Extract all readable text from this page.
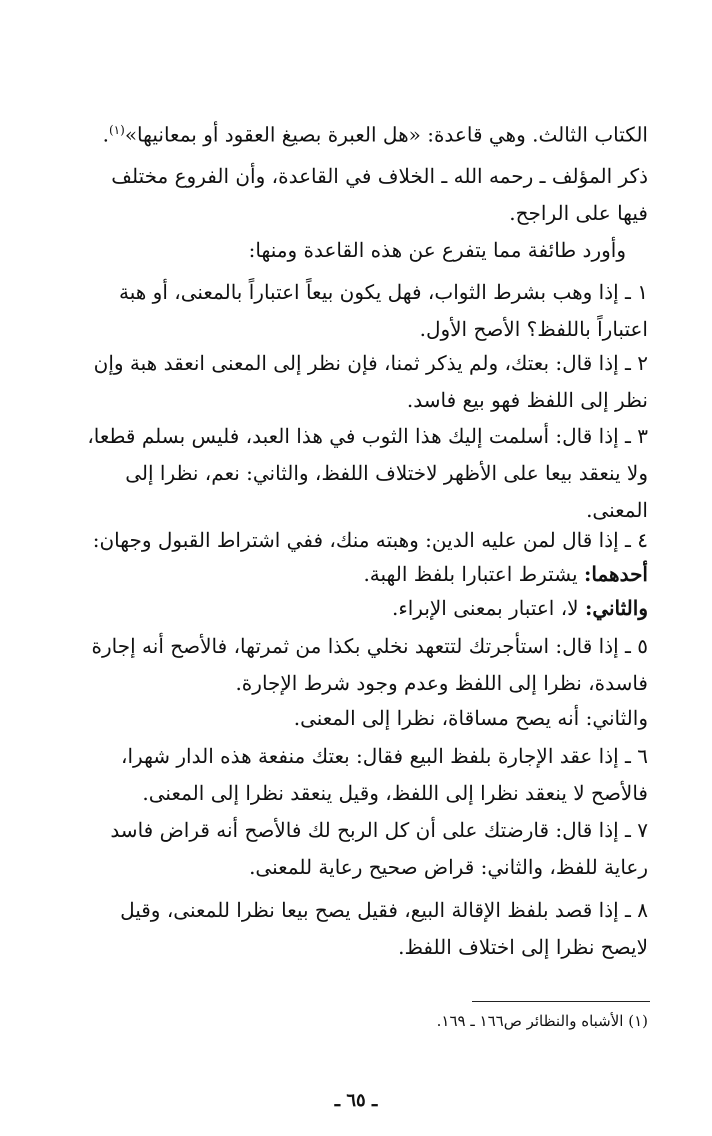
الكتاب الثالث. وهي قاعدة: «هل العبرة بصيغ العقود أو بمعانيها»$^{(١)}$.

ذكر المؤلف ـ رحمه الله ـ الخلاف في القاعدة، وأن الفروع مختلف فيها على الراجح.

وأورد طائفة مما يتفرع عن هذه القاعدة ومنها:

١ ـ إذا وهب بشرط الثواب، فهل يكون بيعاً اعتباراً بالمعنى، أو هبة اعتباراً باللفظ؟ الأصح الأول.

٢ ـ إذا قال: بعتك، ولم يذكر ثمنا، فإن نظر إلى المعنى انعقد هبة وإن نظر إلى اللفظ فهو بيع فاسد.

٣ ـ إذا قال: أسلمت إليك هذا الثوب في هذا العبد، فليس بسلم قطعا، ولا ينعقد بيعا على الأظهر لاختلاف اللفظ، والثاني: نعم، نظرا إلى المعنى.

٤ ـ إذا قال لمن عليه الدين: وهبته منك، ففي اشتراط القبول وجهان:

أحدهما: يشترط اعتبارا بلفظ الهبة.

والثاني: لا، اعتبار بمعنى الإبراء.

٥ ـ إذا قال: استأجرتك لتتعهد نخلي بكذا من ثمرتها، فالأصح أنه إجارة فاسدة، نظرا إلى اللفظ وعدم وجود شرط الإجارة.

والثاني: أنه يصح مساقاة، نظرا إلى المعنى.

٦ ـ إذا عقد الإجارة بلفظ البيع فقال: بعتك منفعة هذه الدار شهرا، فالأصح لا ينعقد نظرا إلى اللفظ، وقيل ينعقد نظرا إلى المعنى.

٧ ـ إذا قال: قارضتك على أن كل الربح لك فالأصح أنه قراض فاسد رعاية للفظ، والثاني: قراض صحيح رعاية للمعنى.

٨ ـ إذا قصد بلفظ الإقالة البيع، فقيل يصح بيعا نظرا للمعنى، وقيل لايصح نظرا إلى اختلاف اللفظ.

(١) الأشباه والنظائر ص١٦٦ ـ ١٦٩.
ـ ٦٥ ـ
